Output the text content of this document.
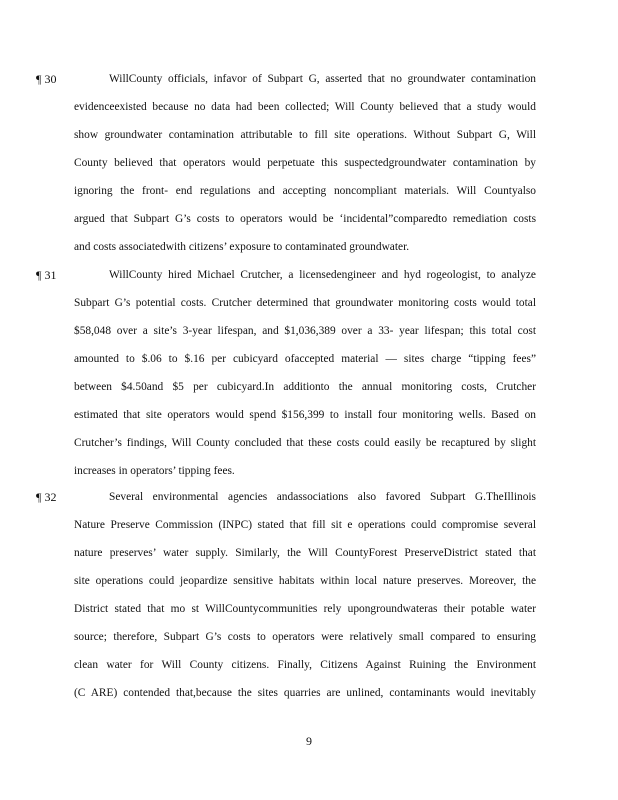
¶ 30	WillCounty officials, infavor of Subpart G, asserted that no groundwater contamination
evidenceexisted because no data had been collected; Will County believed that a study would
show groundwater contamination attributable to fill site operations. Without Subpart G, Will
County believed that operators would perpetuate this suspectedgroundwater contamination by
ignoring the front- end regulations and accepting noncompliant materials. Will Countyalso
argued that Subpart G’s costs to operators would be ‘incidental”comparedto remediation costs
and costs associatedwith citizens’ exposure to contaminated groundwater.
¶ 31	WillCounty hired Michael Crutcher, a licensedengineer and hyd rogeologist, to analyze
Subpart G’s potential costs. Crutcher determined that groundwater monitoring costs would total
$58,048 over a site’s 3-year lifespan, and $1,036,389 over a 33- year lifespan; this total cost
amounted to $.06 to $.16 per cubicyard ofaccepted material — sites charge “tipping fees”
between $4.50and $5 per cubicyard.In additionto the annual monitoring costs, Crutcher
estimated that site operators would spend $156,399 to install four monitoring wells. Based on
Crutcher’s findings, Will County concluded that these costs could easily be recaptured by slight
increases in operators’ tipping fees.
¶ 32	Several environmental agencies andassociations also favored Subpart G.TheIllinois
Nature Preserve Commission (INPC) stated that fill sit e operations could compromise several
nature preserves’ water supply. Similarly, the Will CountyForest PreserveDistrict stated that
site operations could jeopardize sensitive habitats within local nature preserves. Moreover, the
District stated that mo st WillCountycommunities rely upongroundwateras their potable water
source; therefore, Subpart G’s costs to operators were relatively small compared to ensuring
clean water for Will County citizens. Finally, Citizens Against Ruining the Environment
(C ARE) contended that,because the sites quarries are unlined, contaminants would inevitably
9
